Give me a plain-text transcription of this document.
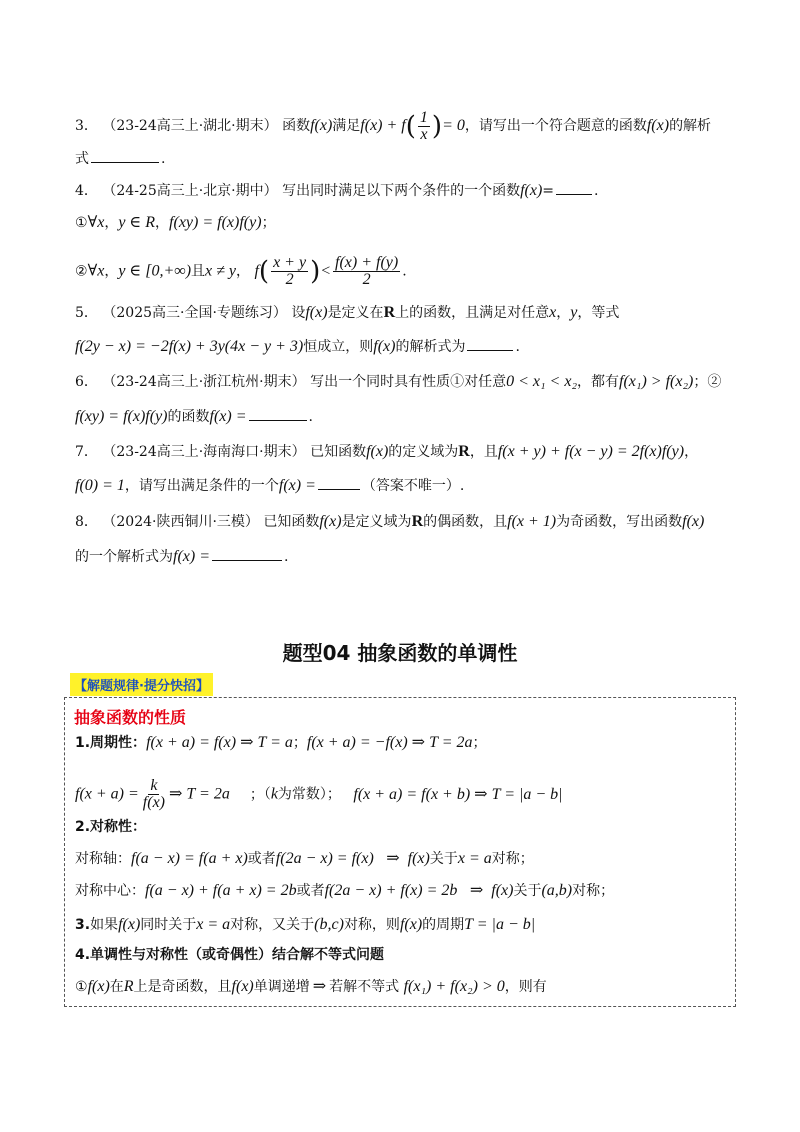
3． （23-24高三上·湖北·期末） 函数f(x)满足$f(x) + f( \frac{1}{x}$ )= 0，请写出一个符合题意的函数f(x)的解析
式	.
4． （24-25高三上·北京·期中） 写出同时满足以下两个条件的一个函数f(x)=	.
①∀x，y ∈ R，f(xy) = f(x)f(y)；
②∀x，y ∈ [0,+∞)且x ≠ y， $f( \frac{x + y}{2}$ )< $\frac{f(x) + f(y)}{2}$ .
5． （2025高三·全国·专题练习） 设f(x)是定义在R上的函数，且满足对任意x，y，等式
f(2y − x) = −2f(x) + 3y(4x − y + 3)恒成立，则f(x)的解析式为	.
6． （23-24高三上·浙江杭州·期末） 写出一个同时具有性质①对任意0 < x₁ < x₂，都有f(x₁) > f(x₂)；②
f(xy) = f(x)f(y)的函数f(x) =	.
7． （23-24高三上·海南海口·期末） 已知函数f(x)的定义域为R，且f(x + y) + f(x − y) = 2f(x)f(y)，
f(0) = 1，请写出满足条件的一个f(x) =	（答案不唯一）.
8． （2024·陕西铜川·三模） 已知函数f(x)是定义域为R的偶函数，且f(x + 1)为奇函数，写出函数f(x)
的一个解析式为f(x) =	.
题型04 抽象函数的单调性
【解题规律·提分快招】
抽象函数的性质
1.周期性：f(x + a) = f(x) ⇒ T = a；f(x + a) = −f(x) ⇒ T = 2a；
$f(x + a) = \frac{k}{f(x)}$ ⇒ T = 2a ；（k为常数）； f(x + a) = f(x + b) ⇒ T = |a − b|
2.对称性：
对称轴：f(a − x) = f(a + x)或者f(2a − x) = f(x) ⇒ f(x)关于x = a对称；
对称中心：f(a − x) + f(a + x) = 2b或者f(2a − x) + f(x) = 2b ⇒ f(x)关于(a,b)对称；
3.如果f(x)同时关于x = a对称，又关于(b,c)对称，则f(x)的周期T = |a − b|
4.单调性与对称性（或奇偶性）结合解不等式问题
①f(x)在R上是奇函数，且f(x)单调递增 ⇒ 若解不等式 f(x₁) + f(x₂) > 0，则有
